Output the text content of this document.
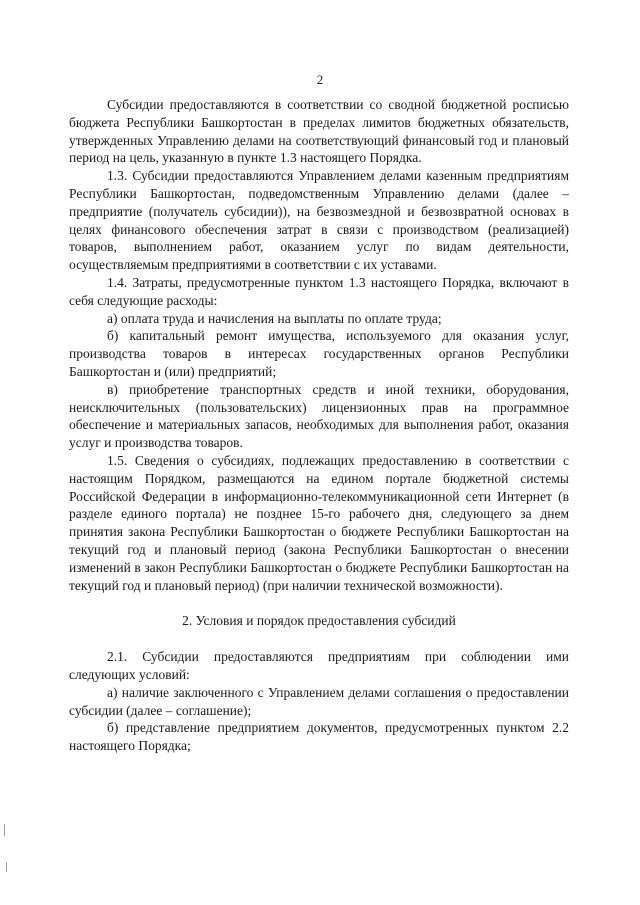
2

Субсидии предоставляются в соответствии со сводной бюджетной росписью бюджета Республики Башкортостан в пределах лимитов бюджетных обязательств, утвержденных Управлению делами на соответствующий финансовый год и плановый период на цель, указанную в пункте 1.3 настоящего Порядка.

1.3. Субсидии предоставляются Управлением делами казенным предприятиям Республики Башкортостан, подведомственным Управлению делами (далее – предприятие (получатель субсидии)), на безвозмездной и безвозвратной основах в целях финансового обеспечения затрат в связи с производством (реализацией) товаров, выполнением работ, оказанием услуг по видам деятельности, осуществляемым предприятиями в соответствии с их уставами.

1.4. Затраты, предусмотренные пунктом 1.3 настоящего Порядка, включают в себя следующие расходы:

а) оплата труда и начисления на выплаты по оплате труда;

б) капитальный ремонт имущества, используемого для оказания услуг, производства товаров в интересах государственных органов Республики Башкортостан и (или) предприятий;

в) приобретение транспортных средств и иной техники, оборудования, неисключительных (пользовательских) лицензионных прав на программное обеспечение и материальных запасов, необходимых для выполнения работ, оказания услуг и производства товаров.

1.5. Сведения о субсидиях, подлежащих предоставлению в соответствии с настоящим Порядком, размещаются на едином портале бюджетной системы Российской Федерации в информационно-телекоммуникационной сети Интернет (в разделе единого портала) не позднее 15-го рабочего дня, следующего за днем принятия закона Республики Башкортостан о бюджете Республики Башкортостан на текущий год и плановый период (закона Республики Башкортостан о внесении изменений в закон Республики Башкортостан о бюджете Республики Башкортостан на текущий год и плановый период) (при наличии технической возможности).

2. Условия и порядок предоставления субсидий

2.1. Субсидии предоставляются предприятиям при соблюдении ими следующих условий:

а) наличие заключенного с Управлением делами соглашения о предоставлении субсидии (далее – соглашение);

б) представление предприятием документов, предусмотренных пунктом 2.2 настоящего Порядка;
